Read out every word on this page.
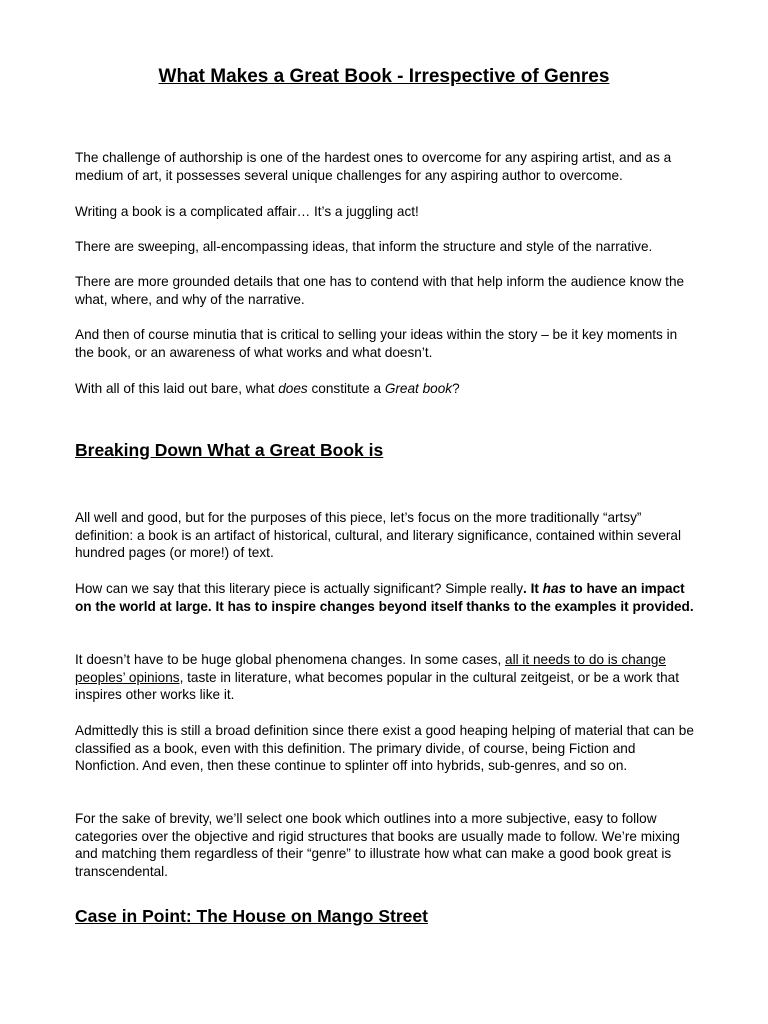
What Makes a Great Book - Irrespective of Genres

The challenge of authorship is one of the hardest ones to overcome for any aspiring artist, and as a medium of art, it possesses several unique challenges for any aspiring author to overcome.

Writing a book is a complicated affair… It’s a juggling act!

There are sweeping, all-encompassing ideas, that inform the structure and style of the narrative.

There are more grounded details that one has to contend with that help inform the audience know the what, where, and why of the narrative.

And then of course minutia that is critical to selling your ideas within the story – be it key moments in the book, or an awareness of what works and what doesn’t.

With all of this laid out bare, what does constitute a Great book?

Breaking Down What a Great Book is

All well and good, but for the purposes of this piece, let’s focus on the more traditionally “artsy” definition: a book is an artifact of historical, cultural, and literary significance, contained within several hundred pages (or more!) of text.

How can we say that this literary piece is actually significant? Simple really. It has to have an impact on the world at large. It has to inspire changes beyond itself thanks to the examples it provided.

It doesn’t have to be huge global phenomena changes. In some cases, all it needs to do is change peoples’ opinions, taste in literature, what becomes popular in the cultural zeitgeist, or be a work that inspires other works like it.

Admittedly this is still a broad definition since there exist a good heaping helping of material that can be classified as a book, even with this definition. The primary divide, of course, being Fiction and Nonfiction. And even, then these continue to splinter off into hybrids, sub-genres, and so on.

For the sake of brevity, we’ll select one book which outlines into a more subjective, easy to follow categories over the objective and rigid structures that books are usually made to follow. We’re mixing and matching them regardless of their “genre” to illustrate how what can make a good book great is transcendental.

Case in Point: The House on Mango Street
